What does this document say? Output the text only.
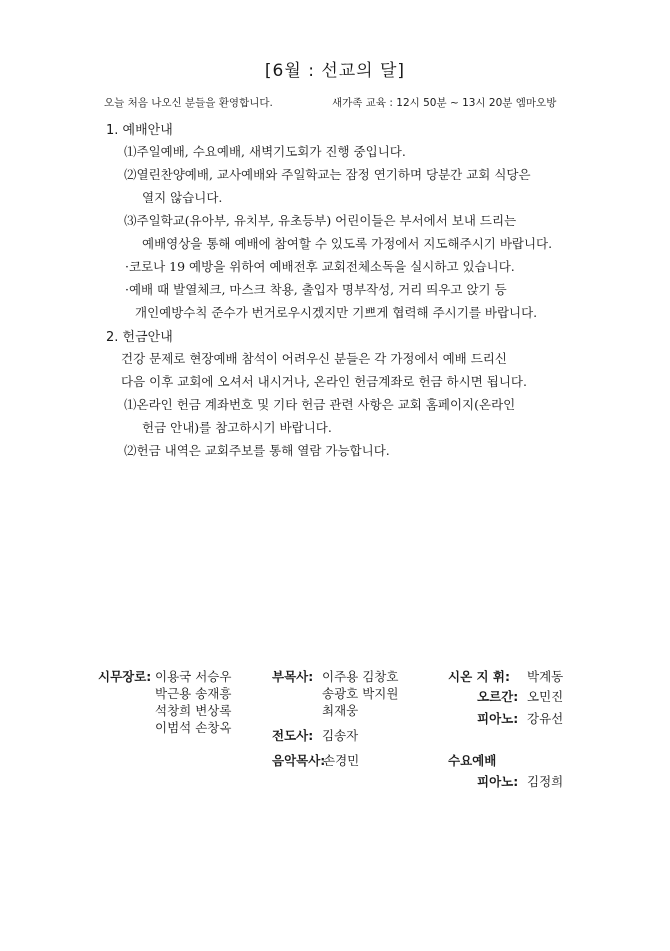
[6월 : 선교의 달]
오늘 처음 나오신 분들을 환영합니다.	새가족 교육 : 12시 50분 ~ 13시 20분 엠마오방
1. 예배안내
⑴주일예배, 수요예배, 새벽기도회가 진행 중입니다.
⑵열린찬양예배, 교사예배와 주일학교는 잠정 연기하며 당분간 교회 식당은
열지 않습니다.
⑶주일학교(유아부, 유치부, 유초등부) 어린이들은 부서에서 보내 드리는
예배영상을 통해 예배에 참여할 수 있도록 가정에서 지도해주시기 바랍니다.
·코로나 19 예방을 위하여 예배전후 교회전체소독을 실시하고 있습니다.
·예배 때 발열체크, 마스크 착용, 출입자 명부작성, 거리 띄우고 앉기 등
개인예방수칙 준수가 번거로우시겠지만 기쁘게 협력해 주시기를 바랍니다.
2. 헌금안내
건강 문제로 현장예배 참석이 어려우신 분들은 각 가정에서 예배 드리신
다음 이후 교회에 오셔서 내시거나, 온라인 헌금계좌로 헌금 하시면 됩니다.
⑴온라인 헌금 계좌번호 및 기타 헌금 관련 사항은 교회 홈페이지(온라인
헌금 안내)를 참고하시기 바랍니다.
⑵헌금 내역은 교회주보를 통해 열람 가능합니다.
시무장로: 이용국 서승우
박근용 송재흥
석창희 변상록
이범석 손창옥
부목사: 이주용 김창호
송광호 박지원
최재웅
전도사: 김송자
음악목사:
손경민
시온 지 휘: 박계동
오르간: 오민진
피아노: 강유선
수요예배
피아노: 김정희
